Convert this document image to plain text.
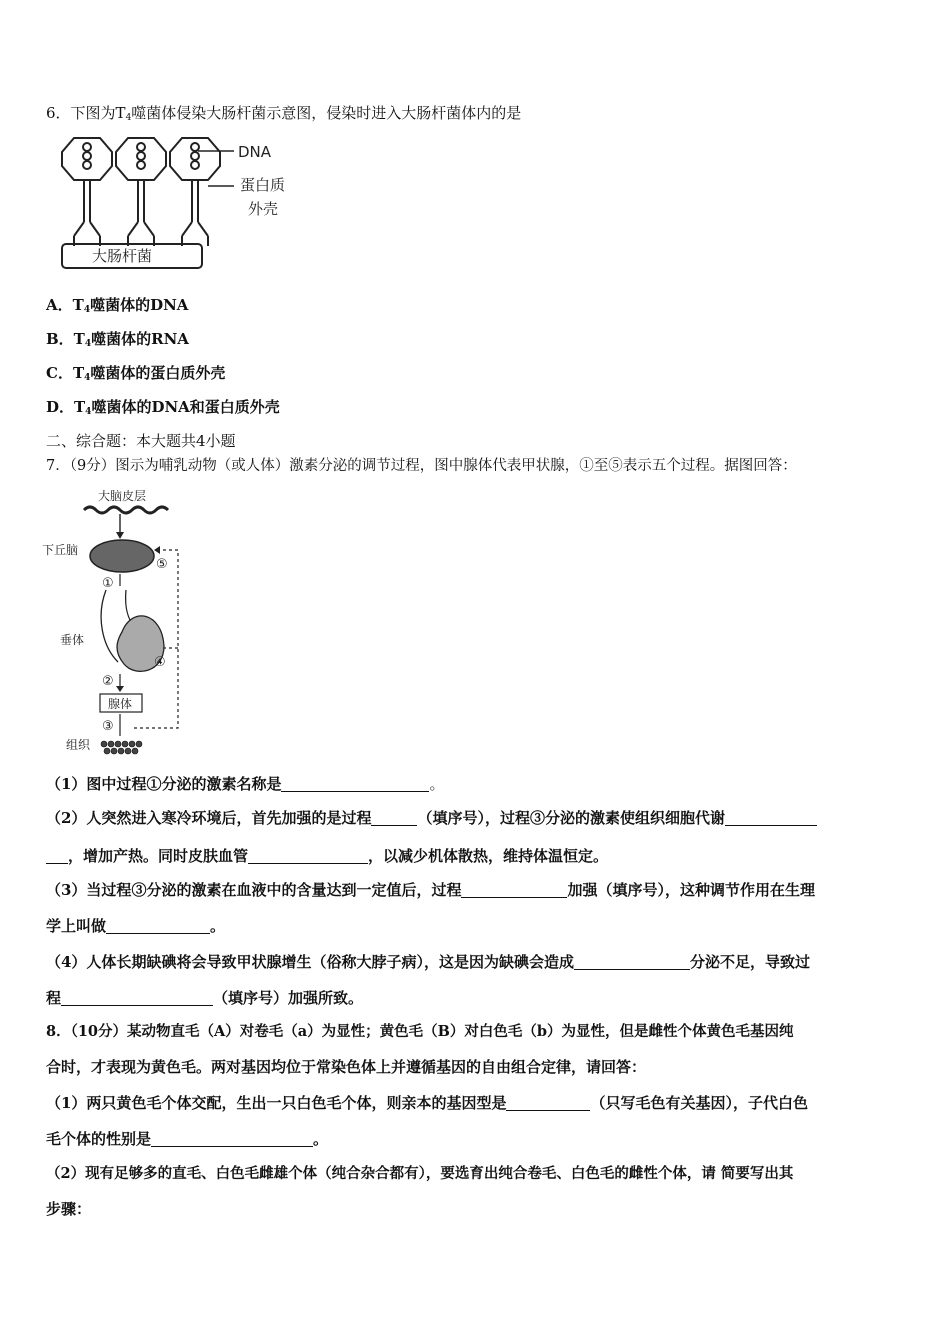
6．下图为$T_4$噬菌体侵染大肠杆菌示意图，侵染时进入大肠杆菌体内的是
DNA
蛋白质
外壳
大肠杆菌
A．$T_4$噬菌体的DNA
B．$T_4$噬菌体的RNA
C．$T_4$噬菌体的蛋白质外壳
D．$T_4$噬菌体的DNA和蛋白质外壳
二、综合题：本大题共4小题
7．（9分）图示为哺乳动物（或人体）激素分泌的调节过程，图中腺体代表甲状腺，①至⑤表示五个过程。据图回答：
大脑皮层
下丘脑
⑤
①
垂体
④
②
腺体
③
组织
（1）图中过程①分泌的激素名称是	。
（2）人突然进入寒冷环境后，首先加强的是过程	（填序号），过程③分泌的激素使组织细胞代谢
，增加产热。同时皮肤血管	，以减少机体散热，维持体温恒定。
（3）当过程③分泌的激素在血液中的含量达到一定值后，过程	加强（填序号），这种调节作用在生理
学上叫做	。
（4）人体长期缺碘将会导致甲状腺增生（俗称大脖子病），这是因为缺碘会造成	分泌不足，导致过
程	（填序号）加强所致。
8．（10分）某动物直毛（A）对卷毛（a）为显性；黄色毛（B）对白色毛（b）为显性，但是雌性个体黄色毛基因纯
合时，才表现为黄色毛。两对基因均位于常染色体上并遵循基因的自由组合定律，请回答：
（1）两只黄色毛个体交配，生出一只白色毛个体，则亲本的基因型是	（只写毛色有关基因），子代白色
毛个体的性别是	。
（2）现有足够多的直毛、白色毛雌雄个体（纯合杂合都有），要选育出纯合卷毛、白色毛的雌性个体，请 简要写出其
步骤：
